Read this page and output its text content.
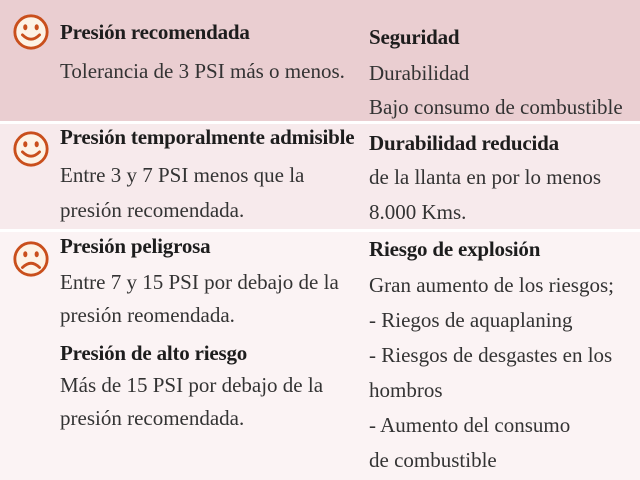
Presión recomendada

Tolerancia de 3 PSI más o menos.

Seguridad

Durabilidad

Bajo consumo de combustible

Presión temporalmente admisible

Entre 3 y 7 PSI menos que la

presión recomendada.

Durabilidad reducida

de la llanta en por lo menos

8.000 Kms.

Presión peligrosa

Entre 7 y 15 PSI por debajo de la

presión reomendada.

Presión de alto riesgo

Más de 15 PSI por debajo de la

presión recomendada.

Riesgo de explosión

Gran aumento de los riesgos;

- Riegos de aquaplaning

- Riesgos de desgastes en los

hombros

- Aumento del consumo

de combustible
